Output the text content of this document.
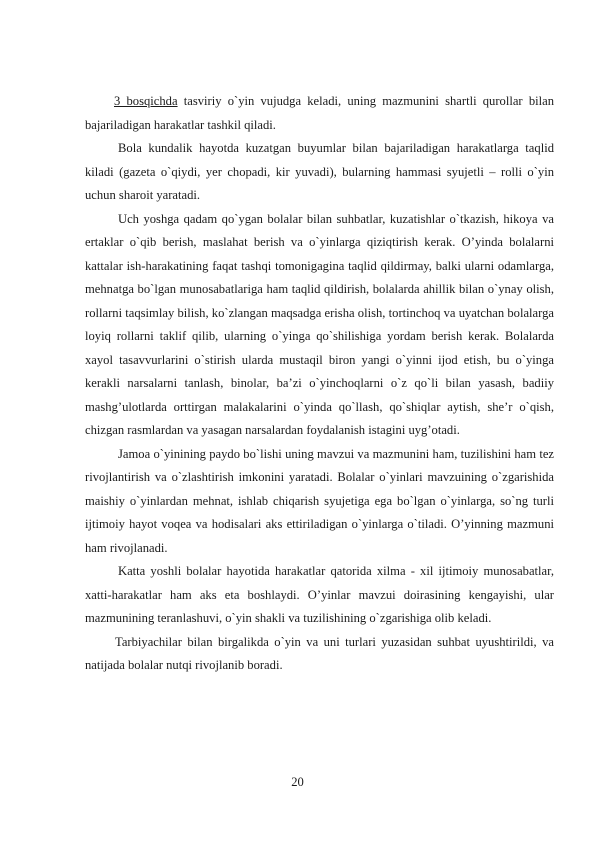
3 bosqichda tasviriy o`yin vujudga keladi, uning mazmunini shartli qurollar bilan bajariladigan harakatlar tashkil qiladi.

Bola kundalik hayotda kuzatgan buyumlar bilan bajariladigan harakatlarga taqlid kiladi (gazeta o`qiydi, yer chopadi, kir yuvadi), bularning hammasi syujetli – rolli o`yin uchun sharoit yaratadi.

Uch yoshga qadam qo`ygan bolalar bilan suhbatlar, kuzatishlar o`tkazish, hikoya va ertaklar o`qib berish, maslahat berish va o`yinlarga qiziqtirish kerak. O’yinda bolalarni kattalar ish-harakatining faqat tashqi tomonigagina taqlid qildirmay, balki ularni odamlarga, mehnatga bo`lgan munosabatlariga ham taqlid qildirish, bolalarda ahillik bilan o`ynay olish, rollarni taqsimlay bilish, ko`zlangan maqsadga erisha olish, tortinchoq va uyatchan bolalarga loyiq rollarni taklif qilib, ularning o`yinga qo`shilishiga yordam berish kerak. Bolalarda xayol tasavvurlarini o`stirish ularda mustaqil biron yangi o`yinni ijod etish, bu o`yinga kerakli narsalarni tanlash, binolar, ba’zi o`yinchoqlarni o`z qo`li bilan yasash, badiiy mashg’ulotlarda orttirgan malakalarini o`yinda qo`llash, qo`shiqlar aytish, she’r o`qish, chizgan rasmlardan va yasagan narsalardan foydalanish istagini uyg’otadi.

Jamoa o`yinining paydo bo`lishi uning mavzui va mazmunini ham, tuzilishini ham tez rivojlantirish va o`zlashtirish imkonini yaratadi. Bolalar o`yinlari mavzuining o`zgarishida maishiy o`yinlardan mehnat, ishlab chiqarish syujetiga ega bo`lgan o`yinlarga, so`ng turli ijtimoiy hayot voqea va hodisalari aks ettiriladigan o`yinlarga o`tiladi. O’yinning mazmuni ham rivojlanadi.

Katta yoshli bolalar hayotida harakatlar qatorida xilma - xil ijtimoiy munosabatlar, xatti-harakatlar ham aks eta boshlaydi. O’yinlar mavzui doirasining kengayishi, ular mazmunining teranlashuvi, o`yin shakli va tuzilishining o`zgarishiga olib keladi.

Tarbiyachilar bilan birgalikda o`yin va uni turlari yuzasidan suhbat uyushtirildi, va natijada bolalar nutqi rivojlanib boradi.

20
